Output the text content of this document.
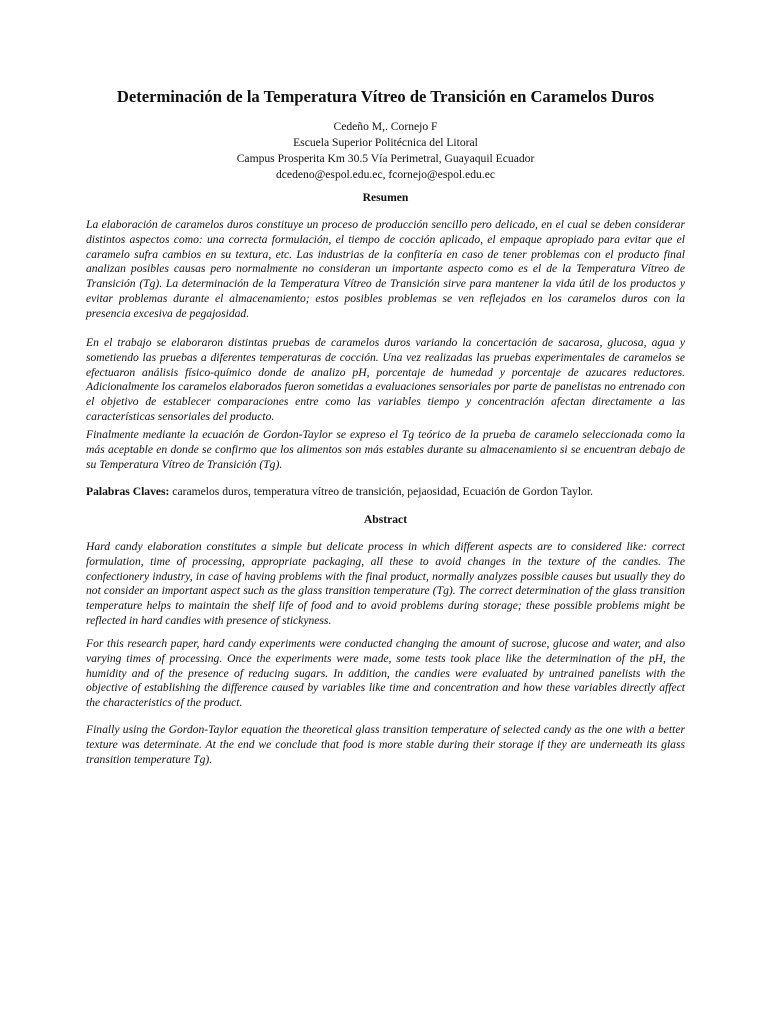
Determinación de la Temperatura Vítreo de Transición en Caramelos Duros
Cedeño M,. Cornejo F
Escuela Superior Politécnica del Litoral
Campus Prosperita Km 30.5 Vía Perimetral, Guayaquil Ecuador
dcedeno@espol.edu.ec, fcornejo@espol.edu.ec
Resumen

La elaboración de caramelos duros constituye un proceso de producción sencillo pero delicado, en el cual se deben considerar distintos aspectos como: una correcta formulación, el tiempo de cocción aplicado, el empaque apropiado para evitar que el caramelo sufra cambios en su textura, etc. Las industrias de la confitería en caso de tener problemas con el producto final analizan posibles causas pero normalmente no consideran un importante aspecto como es el de la Temperatura Vítreo de Transición (Tg). La determinación de la Temperatura Vítreo de Transición sirve para mantener la vida útil de los productos y evitar problemas durante el almacenamiento; estos posibles problemas se ven reflejados en los caramelos duros con la presencia excesiva de pegajosidad.

En el trabajo se elaboraron distintas pruebas de caramelos duros variando la concertación de sacarosa, glucosa, agua y sometiendo las pruebas a diferentes temperaturas de cocción. Una vez realizadas las pruebas experimentales de caramelos se efectuaron análisis físico-químico donde de analizo pH, porcentaje de humedad y porcentaje de azucares reductores. Adicionalmente los caramelos elaborados fueron sometidas a evaluaciones sensoriales por parte de panelistas no entrenado con el objetivo de establecer comparaciones entre como las variables tiempo y concentración afectan directamente a las características sensoriales del producto.

Finalmente mediante la ecuación de Gordon-Taylor se expreso el Tg teórico de la prueba de caramelo seleccionada como la más aceptable en donde se confirmo que los alimentos son más estables durante su almacenamiento si se encuentran debajo de su Temperatura Vítreo de Transición (Tg).

Palabras Claves: caramelos duros, temperatura vítreo de transición, pejaosidad, Ecuación de Gordon Taylor.

Abstract

Hard candy elaboration constitutes a simple but delicate process in which different aspects are to considered like: correct formulation, time of processing, appropriate packaging, all these to avoid changes in the texture of the candies. The confectionery industry, in case of having problems with the final product, normally analyzes possible causes but usually they do not consider an important aspect such as the glass transition temperature (Tg). The correct determination of the glass transition temperature helps to maintain the shelf life of food and to avoid problems during storage; these possible problems might be reflected in hard candies with presence of stickyness.

For this research paper, hard candy experiments were conducted changing the amount of sucrose, glucose and water, and also varying times of processing. Once the experiments were made, some tests took place like the determination of the pH, the humidity and of the presence of reducing sugars. In addition, the candies were evaluated by untrained panelists with the objective of establishing the difference caused by variables like time and concentration and how these variables directly affect the characteristics of the product.

Finally using the Gordon-Taylor equation the theoretical glass transition temperature of selected candy as the one with a better texture was determinate. At the end we conclude that food is more stable during their storage if they are underneath its glass transition temperature Tg).
